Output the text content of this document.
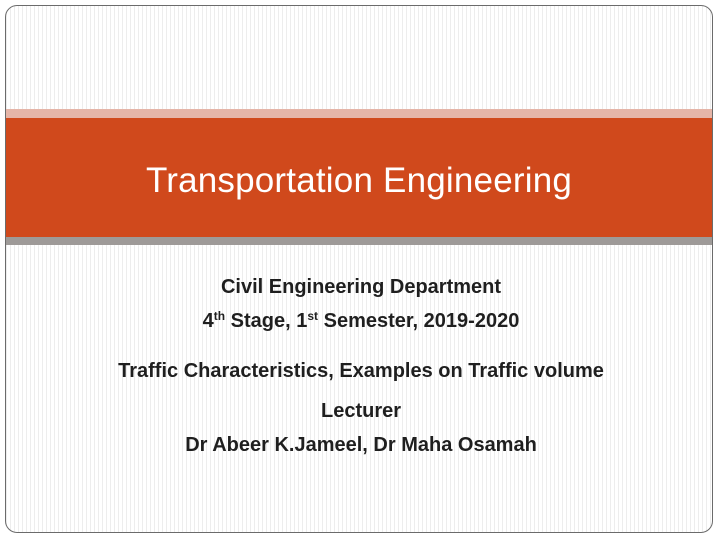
Transportation Engineering
Civil Engineering Department
4th Stage, 1st Semester, 2019-2020
Traffic Characteristics, Examples on Traffic volume
Lecturer
Dr Abeer K.Jameel, Dr Maha Osamah
